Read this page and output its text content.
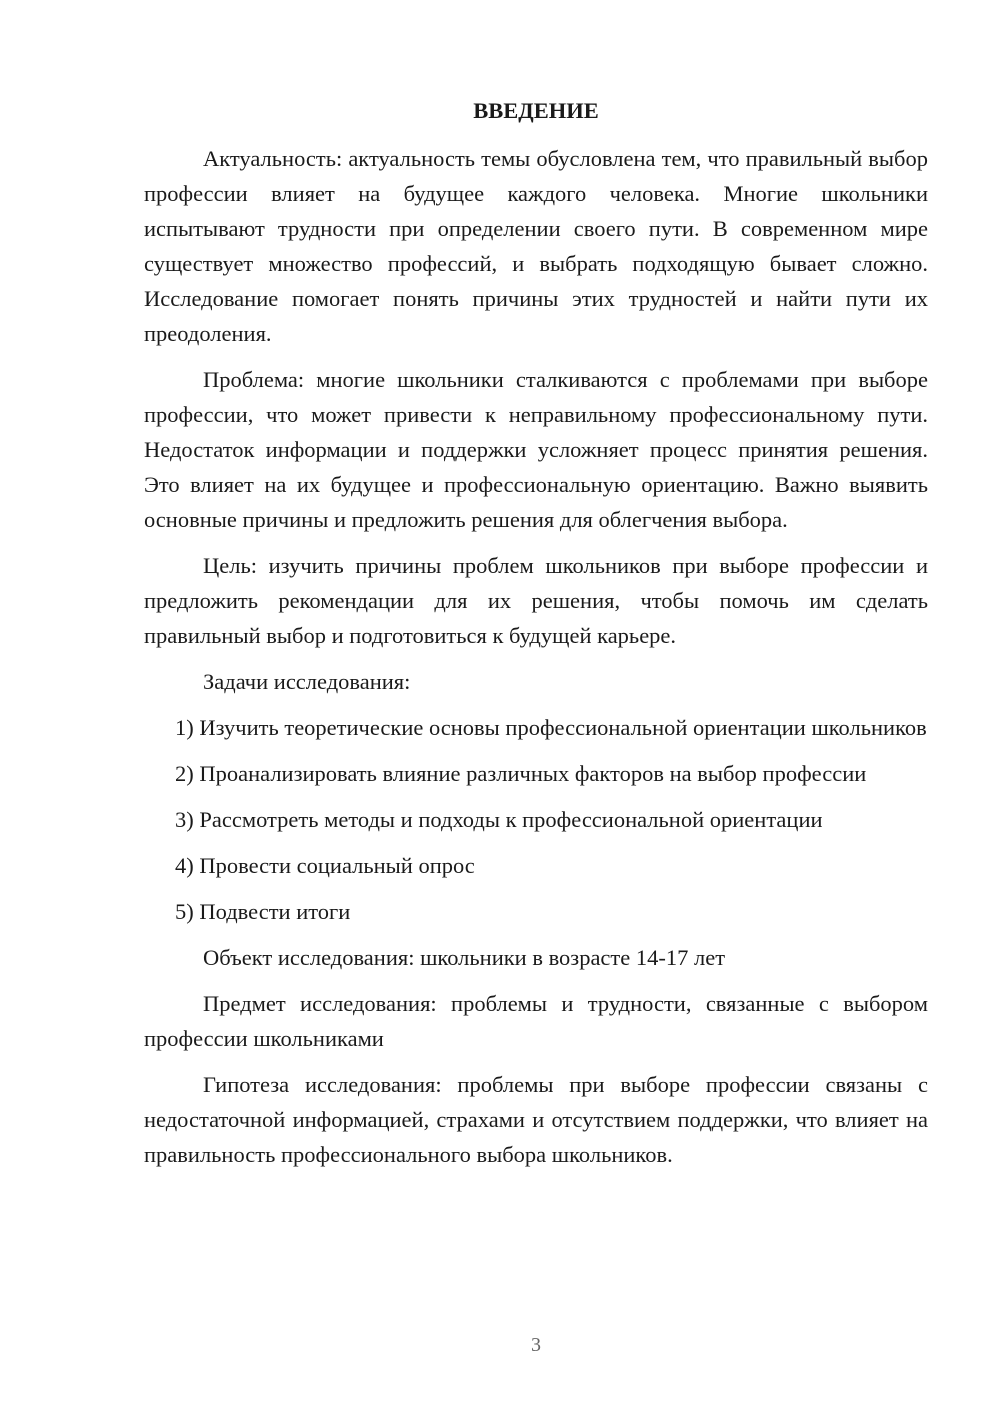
ВВЕДЕНИЕ

Актуальность: актуальность темы обусловлена тем, что правильный выбор профессии влияет на будущее каждого человека. Многие школьники испытывают трудности при определении своего пути. В современном мире существует множество профессий, и выбрать подходящую бывает сложно. Исследование помогает понять причины этих трудностей и найти пути их преодоления.

Проблема: многие школьники сталкиваются с проблемами при выборе профессии, что может привести к неправильному профессиональному пути. Недостаток информации и поддержки усложняет процесс принятия решения. Это влияет на их будущее и профессиональную ориентацию. Важно выявить основные причины и предложить решения для облегчения выбора.

Цель: изучить причины проблем школьников при выборе профессии и предложить рекомендации для их решения, чтобы помочь им сделать правильный выбор и подготовиться к будущей карьере.

Задачи исследования:

1) Изучить теоретические основы профессиональной ориентации школьников

2) Проанализировать влияние различных факторов на выбор профессии

3) Рассмотреть методы и подходы к профессиональной ориентации

4) Провести социальный опрос

5) Подвести итоги

Объект исследования: школьники в возрасте 14-17 лет

Предмет исследования: проблемы и трудности, связанные с выбором профессии школьниками

Гипотеза исследования: проблемы при выборе профессии связаны с недостаточной информацией, страхами и отсутствием поддержки, что влияет на правильность профессионального выбора школьников.

3
